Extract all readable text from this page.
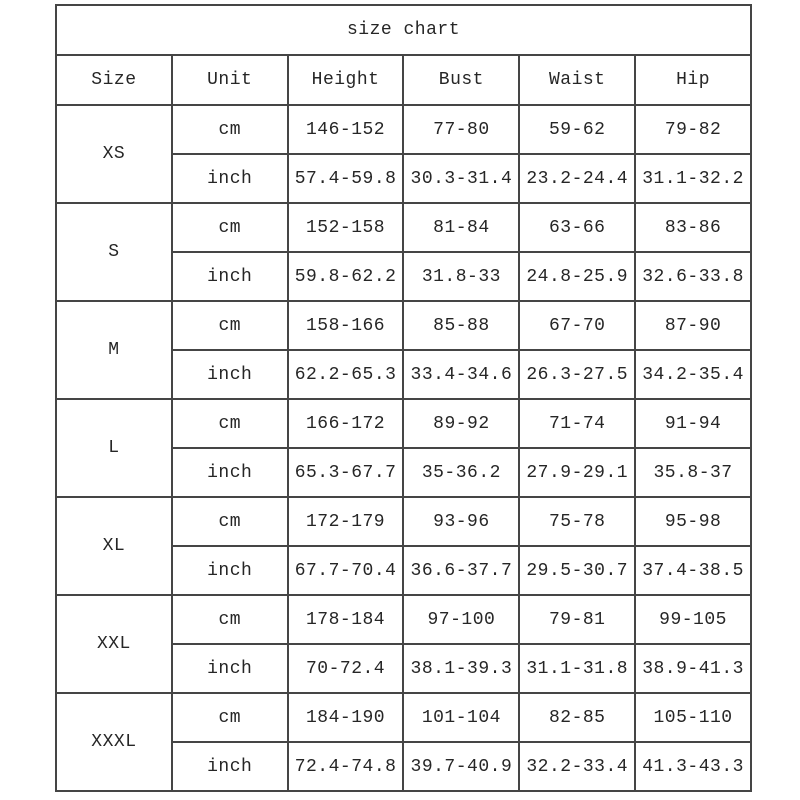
size chart					
Size	Unit	Height	Bust	Waist	Hip
XS	cm	146-152	77-80	59-62	79-82
	inch	57.4-59.8	30.3-31.4	23.2-24.4	31.1-32.2
S	cm	152-158	81-84	63-66	83-86
	inch	59.8-62.2	31.8-33	24.8-25.9	32.6-33.8
M	cm	158-166	85-88	67-70	87-90
	inch	62.2-65.3	33.4-34.6	26.3-27.5	34.2-35.4
L	cm	166-172	89-92	71-74	91-94
	inch	65.3-67.7	35-36.2	27.9-29.1	35.8-37
XL	cm	172-179	93-96	75-78	95-98
	inch	67.7-70.4	36.6-37.7	29.5-30.7	37.4-38.5
XXL	cm	178-184	97-100	79-81	99-105
	inch	70-72.4	38.1-39.3	31.1-31.8	38.9-41.3
XXXL	cm	184-190	101-104	82-85	105-110
	inch	72.4-74.8	39.7-40.9	32.2-33.4	41.3-43.3
